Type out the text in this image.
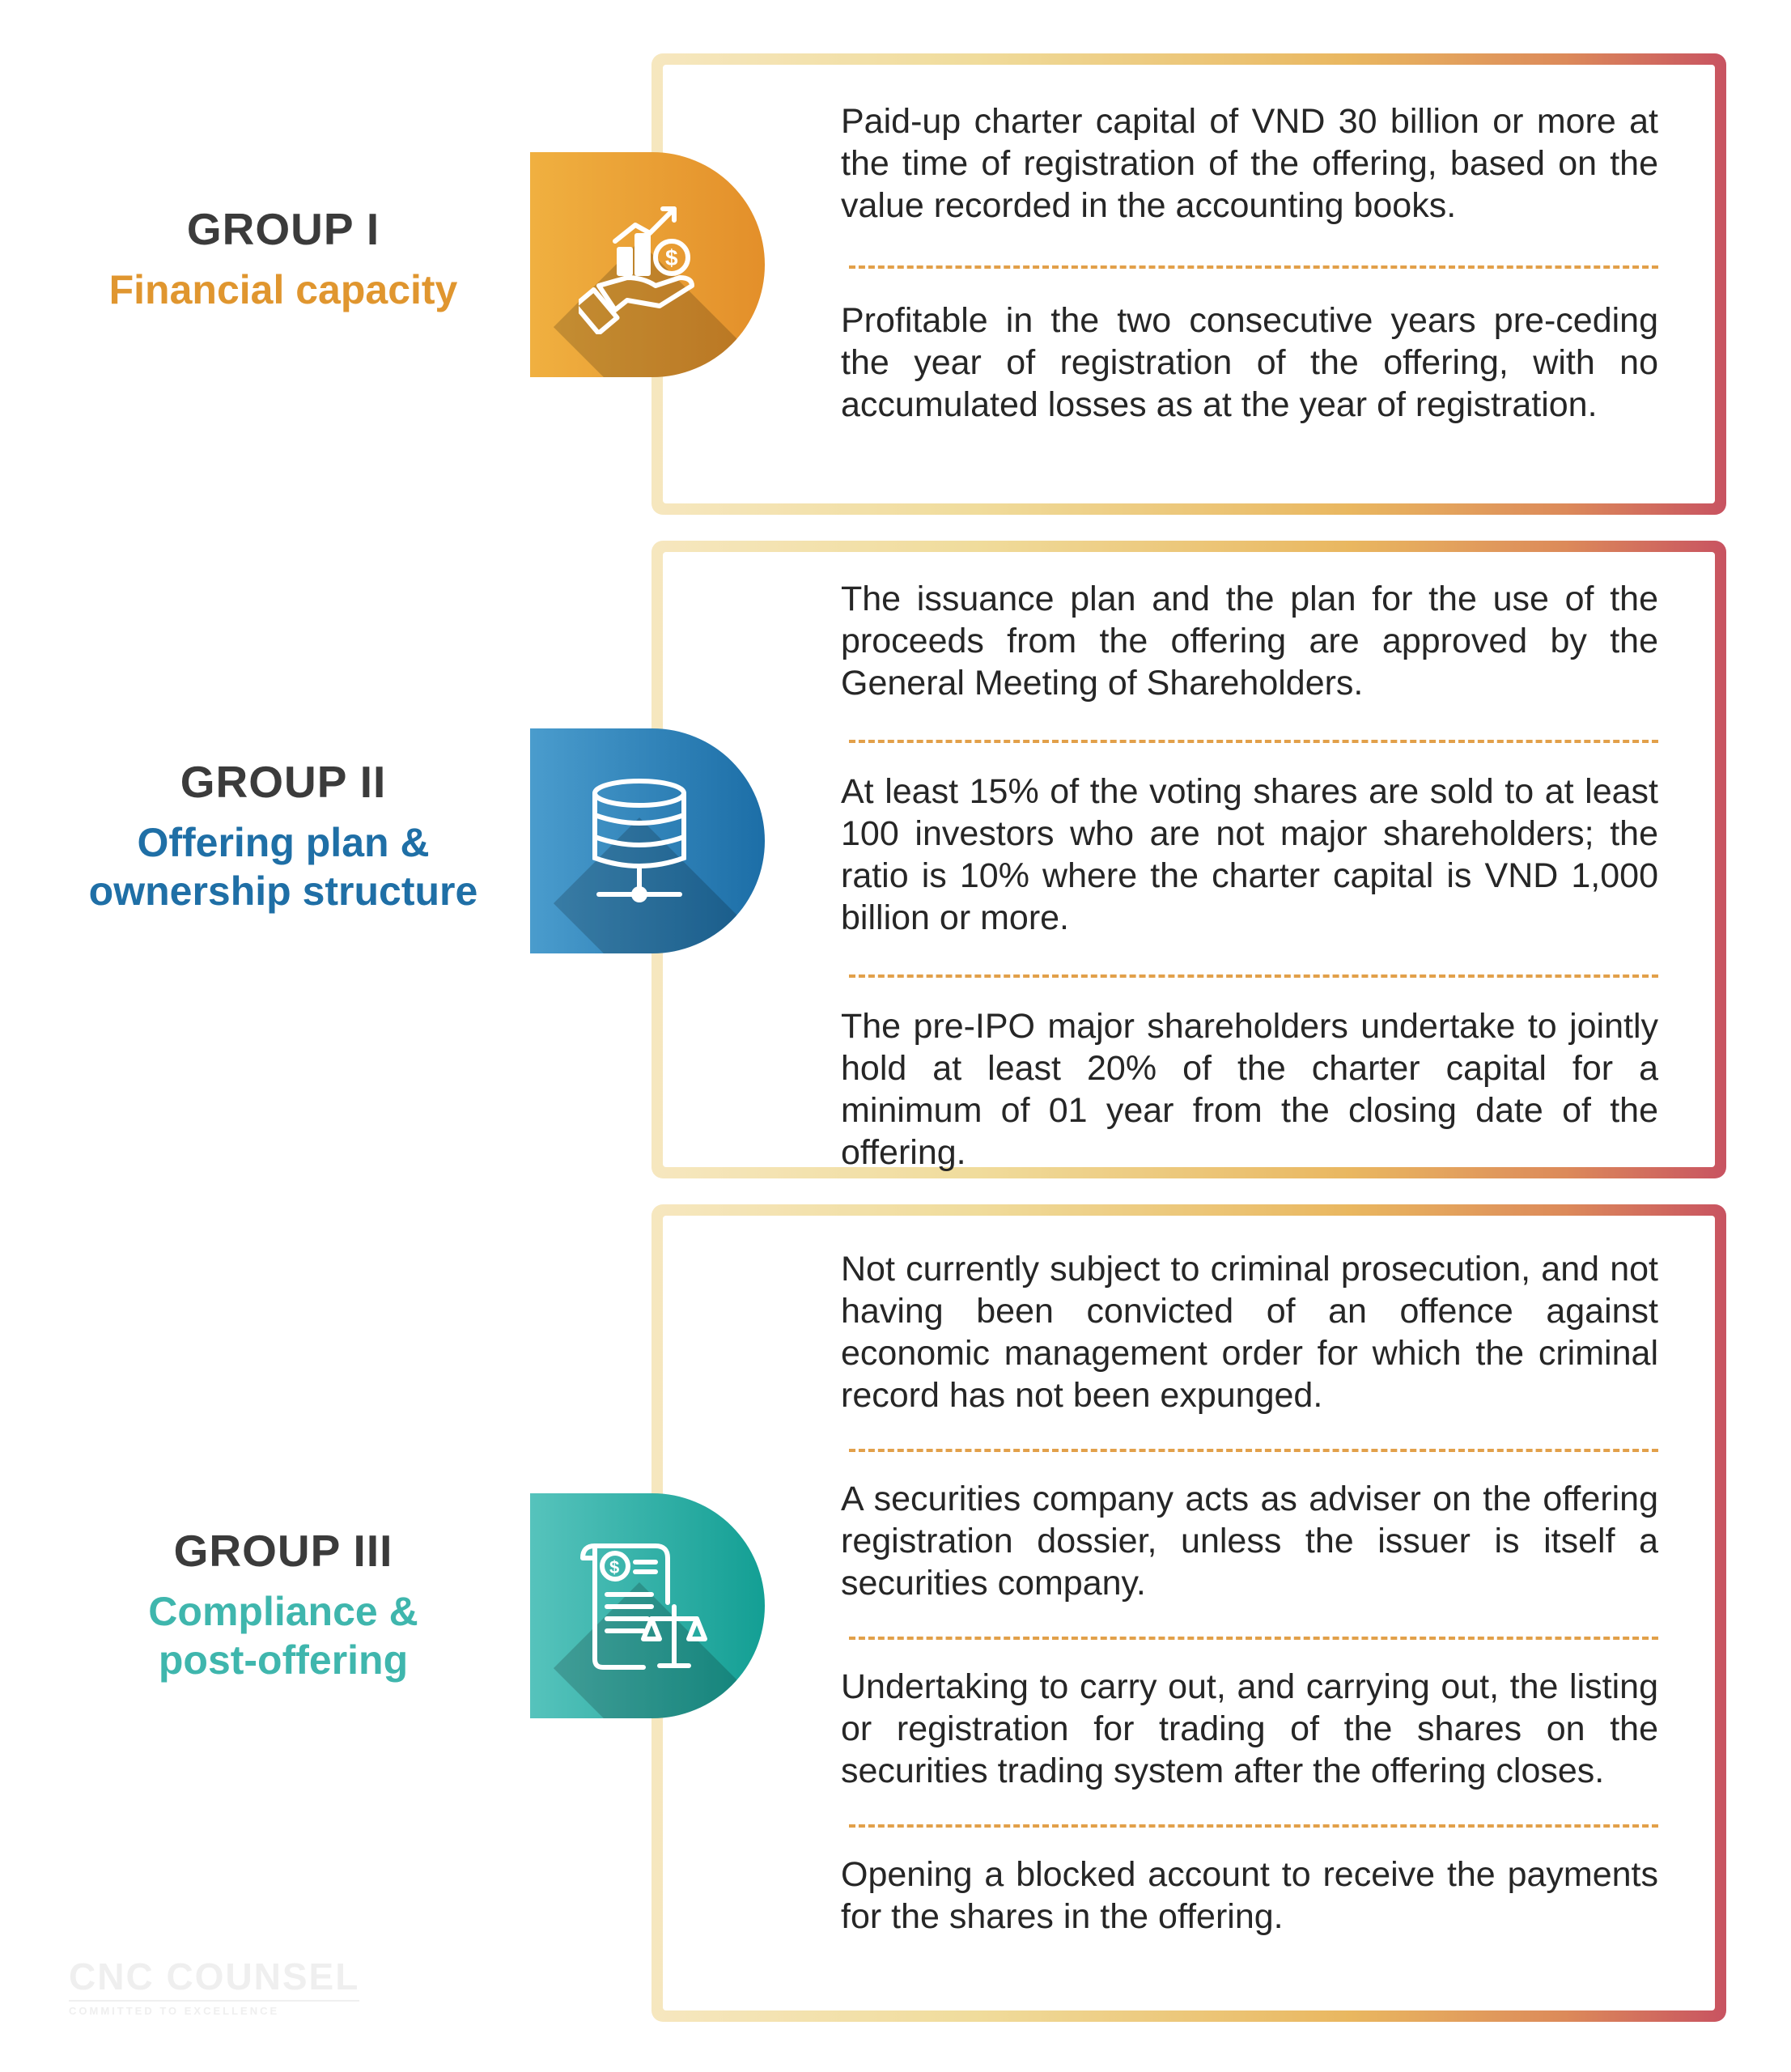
GROUP I
Financial capacity

Paid-up charter capital of VND 30 billion or more at the time of registration of the offering, based on the value recorded in the accounting books.

Profitable in the two consecutive years pre-ceding the year of registration of the offering, with no accumulated losses as at the year of registration.

$
GROUP II
Offering plan &
ownership structure

The issuance plan and the plan for the use of the proceeds from the offering are approved by the General Meeting of Shareholders.

At least 15% of the voting shares are sold to at least 100 investors who are not major shareholders; the ratio is 10% where the charter capital is VND 1,000 billion or more.

The pre-IPO major shareholders undertake to jointly hold at least 20% of the charter capital for a minimum of 01 year from the closing date of the offering.

GROUP III
Compliance &
post-offering

Not currently subject to criminal prosecution, and not having been convicted of an offence against economic management order for which the criminal record has not been expunged.

A securities company acts as adviser on the offering registration dossier, unless the issuer is itself a securities company.

Undertaking to carry out, and carrying out, the listing or registration for trading of the shares on the securities trading system after the offering closes.

Opening a blocked account to receive the payments for the shares in the offering.

$
CNC COUNSEL
COMMITTED TO EXCELLENCE
